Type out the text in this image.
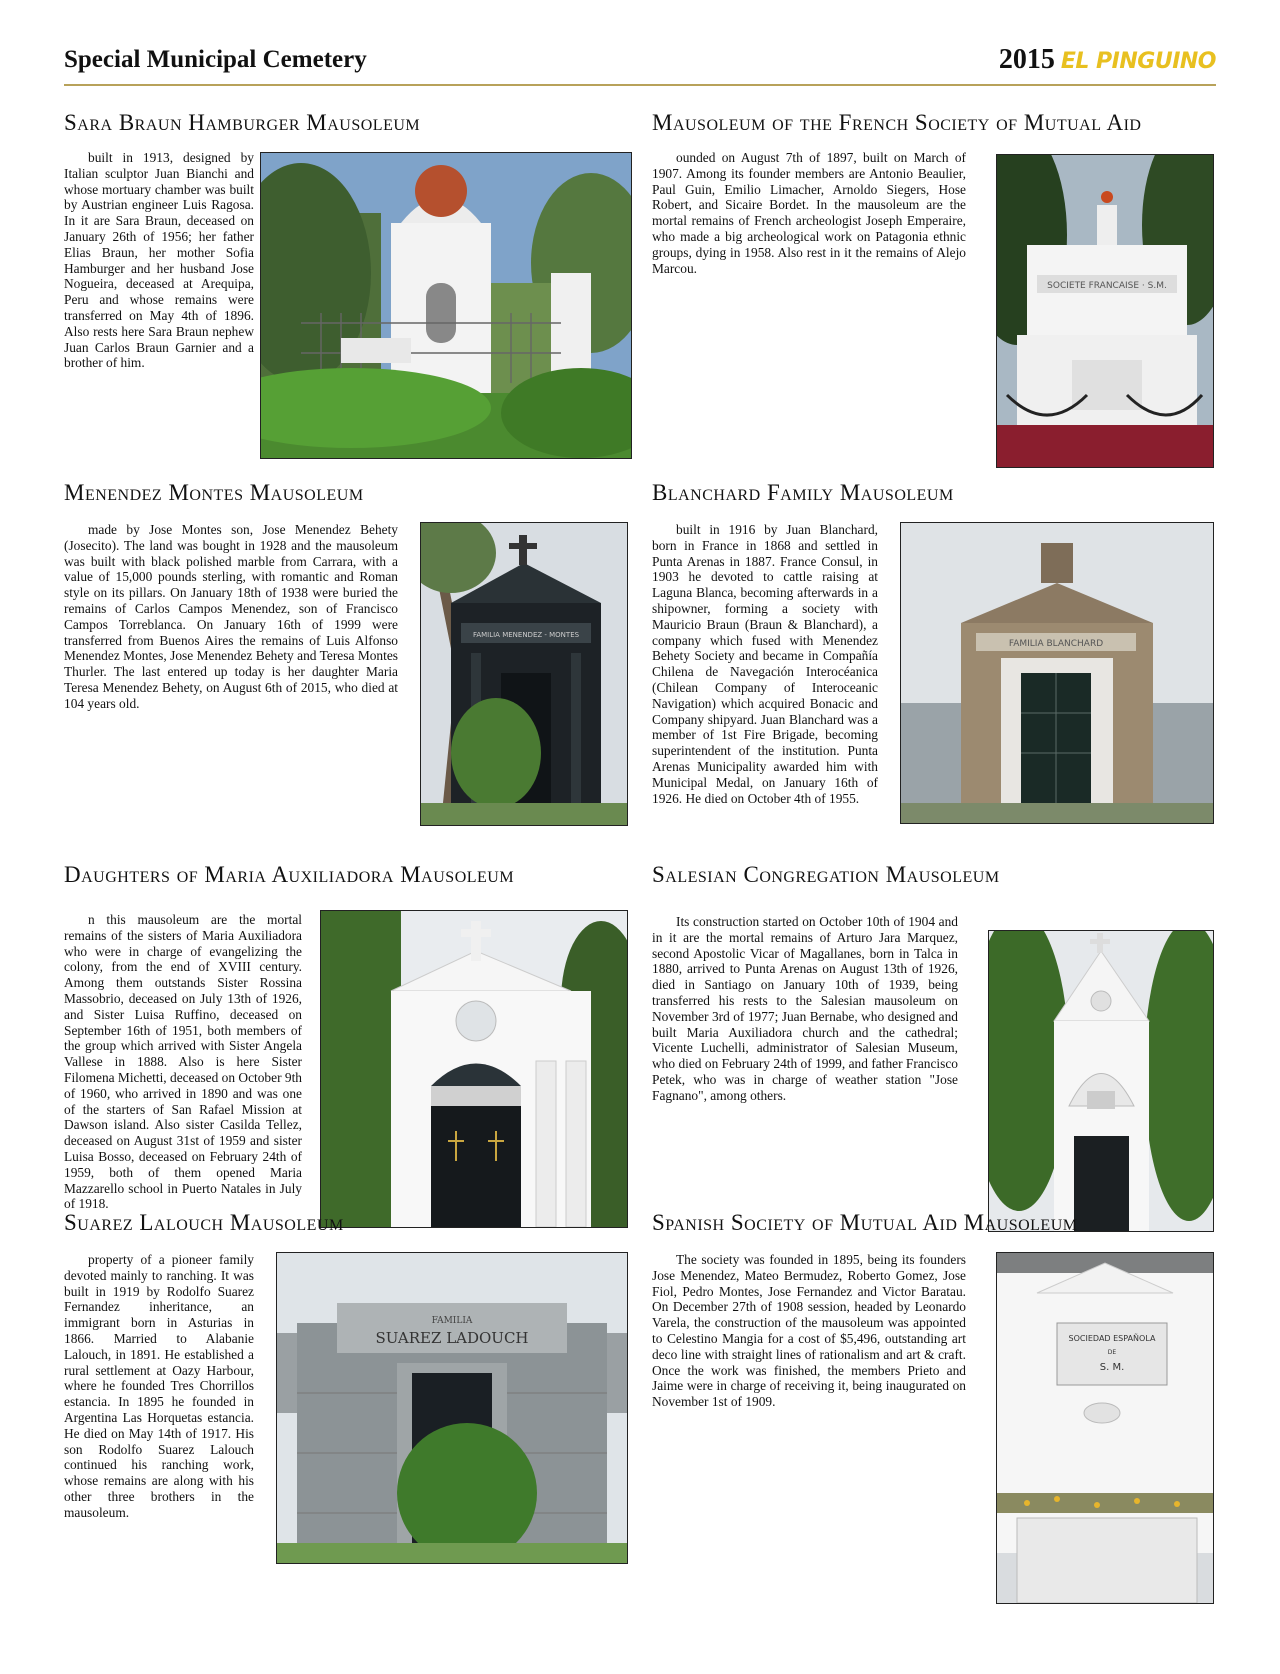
Special Municipal Cemetery	2015 EL PINGUINO
Sara Braun Hamburger Mausoleum

built in 1913, designed by Italian sculptor Juan Bianchi and whose mortuary chamber was built by Austrian engineer Luis Ragosa. In it are Sara Braun, deceased on January 26th of 1956; her father Elias Braun, her mother Sofia Hamburger and her husband Jose Nogueira, deceased at Arequipa, Peru and whose remains were transferred on May 4th of 1896. Also rests here Sara Braun nephew Juan Carlos Braun Garnier and a brother of him.

Mausoleum of the French Society of Mutual Aid

ounded on August 7th of 1897, built on March of 1907. Among its founder members are Antonio Beaulier, Paul Guin, Emilio Limacher, Arnoldo Siegers, Hose Robert, and Sicaire Bordet. In the mausoleum are the mortal remains of French archeologist Joseph Emperaire, who made a big archeological work on Patagonia ethnic groups, dying in 1958. Also rest in it the remains of Alejo Marcou.

SOCIETE FRANCAISE · S.M.
Menendez Montes Mausoleum

made by Jose Montes son, Jose Menendez Behety (Josecito). The land was bought in 1928 and the mausoleum was built with black polished marble from Carrara, with a value of 15,000 pounds sterling, with romantic and Roman style on its pillars. On January 18th of 1938 were buried the remains of Carlos Campos Menendez, son of Francisco Campos Torreblanca. On January 16th of 1999 were transferred from Buenos Aires the remains of Luis Alfonso Menendez Montes, Jose Menendez Behety and Teresa Montes Thurler. The last entered up today is her daughter Maria Teresa Menendez Behety, on August 6th of 2015, who died at 104 years old.

FAMILIA MENENDEZ - MONTES
Blanchard Family Mausoleum

built in 1916 by Juan Blanchard, born in France in 1868 and settled in Punta Arenas in 1887. France Consul, in 1903 he devoted to cattle raising at Laguna Blanca, becoming afterwards in a shipowner, forming a society with Mauricio Braun (Braun & Blanchard), a company which fused with Menendez Behety Society and became in Compañía Chilena de Navegación Interocéanica (Chilean Company of Interoceanic Navigation) which acquired Bonacic and Company shipyard. Juan Blanchard was a member of 1st Fire Brigade, becoming superintendent of the institution. Punta Arenas Municipality awarded him with Municipal Medal, on January 16th of 1926. He died on October 4th of 1955.

FAMILIA BLANCHARD
Daughters of Maria Auxiliadora Mausoleum

n this mausoleum are the mortal remains of the sisters of Maria Auxiliadora who were in charge of evangelizing the colony, from the end of XVIII century. Among them outstands Sister Rossina Massobrio, deceased on July 13th of 1926, and Sister Luisa Ruffino, deceased on September 16th of 1951, both members of the group which arrived with Sister Angela Vallese in 1888. Also is here Sister Filomena Michetti, deceased on October 9th of 1960, who arrived in 1890 and was one of the starters of San Rafael Mission at Dawson island. Also sister Casilda Tellez, deceased on August 31st of 1959 and sister Luisa Bosso, deceased on February 24th of 1959, both of them opened Maria Mazzarello school in Puerto Natales in July of 1918.

Salesian Congregation Mausoleum

Its construction started on October 10th of 1904 and in it are the mortal remains of Arturo Jara Marquez, second Apostolic Vicar of Magallanes, born in Talca in 1880, arrived to Punta Arenas on August 13th of 1926, died in Santiago on January 10th of 1939, being transferred his rests to the Salesian mausoleum on November 3rd of 1977; Juan Bernabe, who designed and built Maria Auxiliadora church and the cathedral; Vicente Luchelli, administrator of Salesian Museum, who died on February 24th of 1999, and father Francisco Petek, who was in charge of weather station "Jose Fagnano", among others.

Suarez Lalouch Mausoleum

property of a pioneer family devoted mainly to ranching. It was built in 1919 by Rodolfo Suarez Fernandez inheritance, an immigrant born in Asturias in 1866. Married to Alabanie Lalouch, in 1891. He established a rural settlement at Oazy Harbour, where he founded Tres Chorrillos estancia. In 1895 he founded in Argentina Las Horquetas estancia. He died on May 14th of 1917. His son Rodolfo Suarez Lalouch continued his ranching work, whose remains are along with his other three brothers in the mausoleum.

FAMILIA
SUAREZ LADOUCH
Spanish Society of Mutual Aid Mausoleum

The society was founded in 1895, being its founders Jose Menendez, Mateo Bermudez, Roberto Gomez, Jose Fiol, Pedro Montes, Jose Fernandez and Victor Baratau. On December 27th of 1908 session, headed by Leonardo Varela, the construction of the mausoleum was appointed to Celestino Mangia for a cost of $5,496, outstanding art deco line with straight lines of rationalism and art & craft. Once the work was finished, the members Prieto and Jaime were in charge of receiving it, being inaugurated on November 1st of 1909.

SOCIEDAD ESPAÑOLA
DE
S. M.
